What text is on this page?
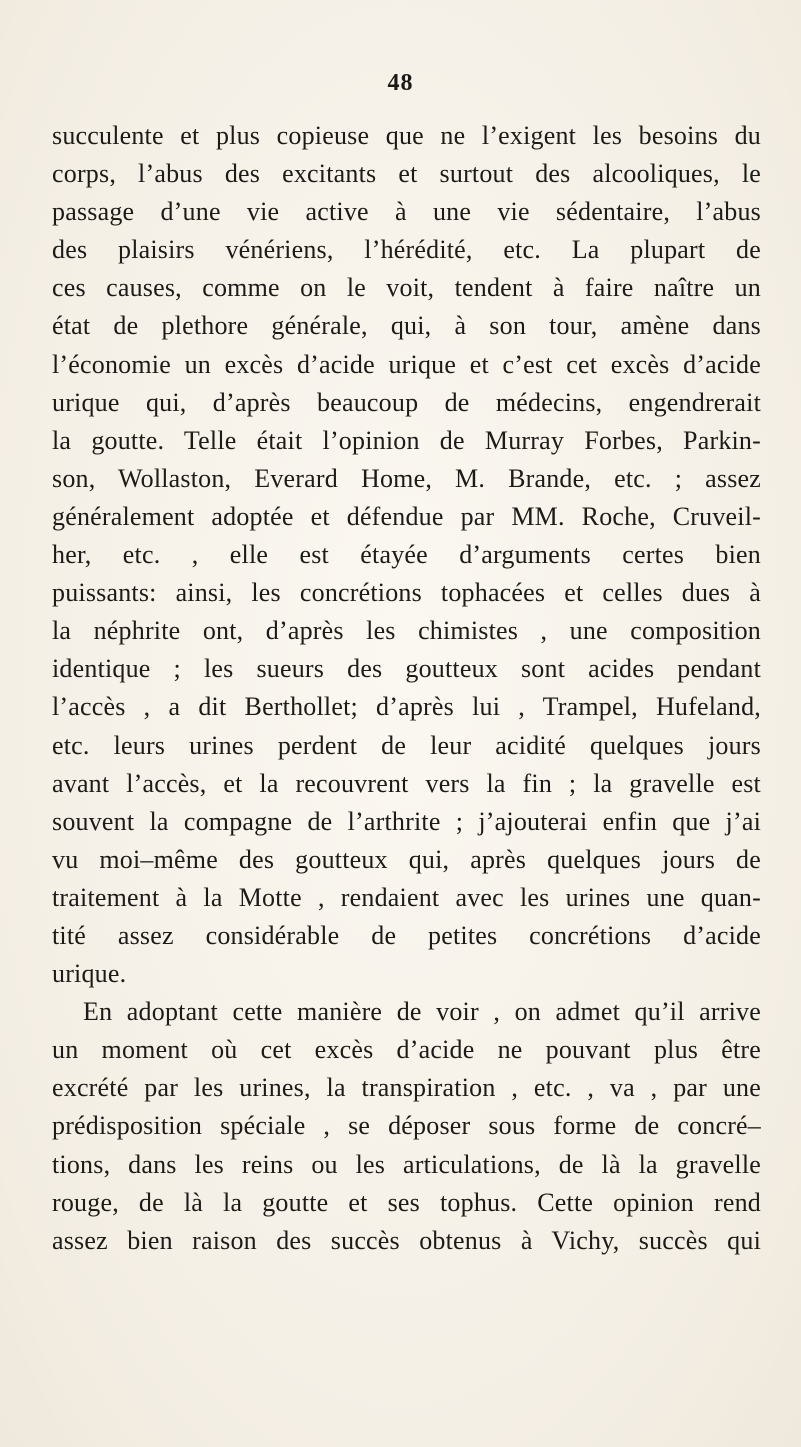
48
succulente et plus copieuse que ne l’exigent les besoins du
corps, l’abus des excitants et surtout des alcooliques, le
passage d’une vie active à une vie sédentaire, l’abus
des plaisirs vénériens, l’hérédité, etc. La plupart de
ces causes, comme on le voit, tendent à faire naître un
état de plethore générale, qui, à son tour, amène dans
l’économie un excès d’acide urique et c’est cet excès d’acide
urique qui, d’après beaucoup de médecins, engendrerait
la goutte. Telle était l’opinion de Murray Forbes, Parkin-
son, Wollaston, Everard Home, M. Brande, etc. ; assez
généralement adoptée et défendue par MM. Roche, Cruveil-
her, etc. , elle est étayée d’arguments certes bien
puissants: ainsi, les concrétions tophacées et celles dues à
la néphrite ont, d’après les chimistes , une composition
identique ; les sueurs des goutteux sont acides pendant
l’accès , a dit Berthollet; d’après lui , Trampel, Hufeland,
etc. leurs urines perdent de leur acidité quelques jours
avant l’accès, et la recouvrent vers la fin ; la gravelle est
souvent la compagne de l’arthrite ; j’ajouterai enfin que j’ai
vu moi–même des goutteux qui, après quelques jours de
traitement à la Motte , rendaient avec les urines une quan-
tité assez considérable de petites concrétions d’acide
urique.
En adoptant cette manière de voir , on admet qu’il arrive
un moment où cet excès d’acide ne pouvant plus être
excrété par les urines, la transpiration , etc. , va , par une
prédisposition spéciale , se déposer sous forme de concré–
tions, dans les reins ou les articulations, de là la gravelle
rouge, de là la goutte et ses tophus. Cette opinion rend
assez bien raison des succès obtenus à Vichy, succès qui
